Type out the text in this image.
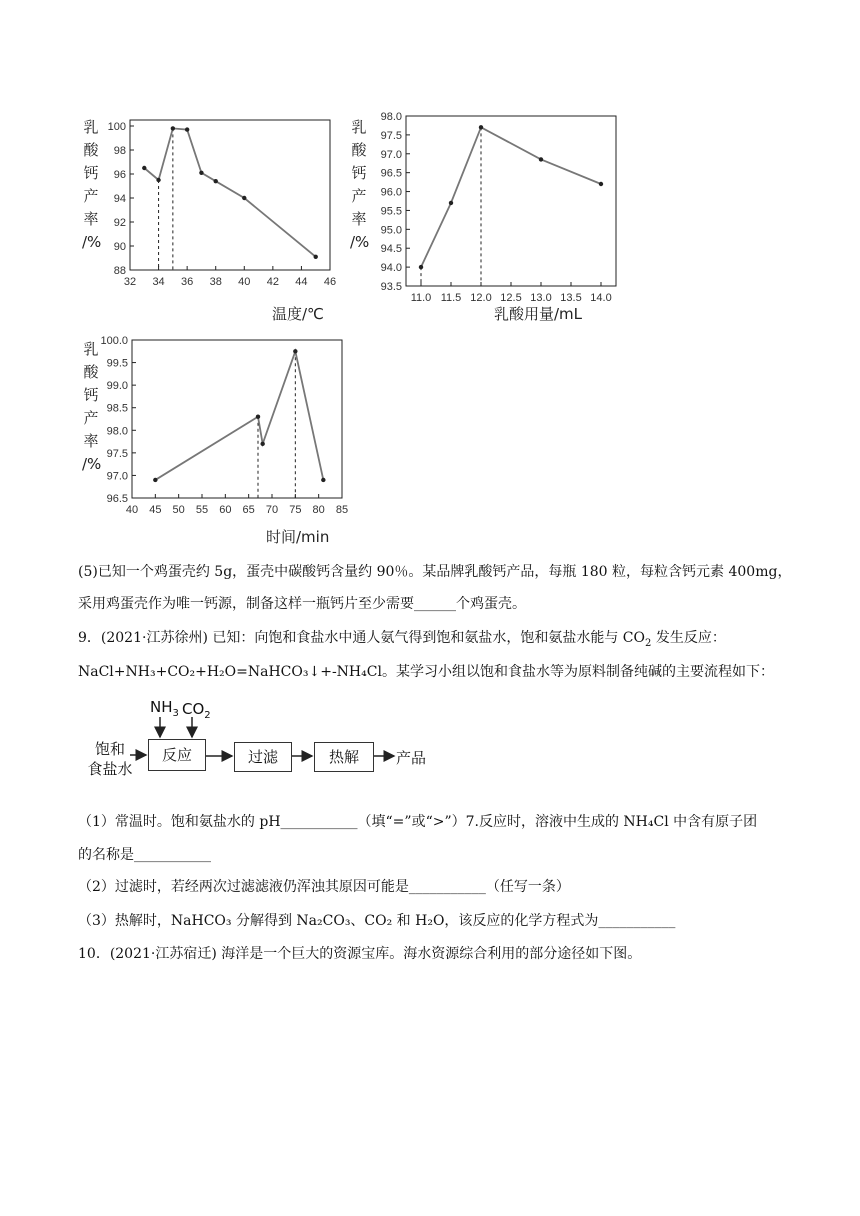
乳
酸
钙
产
率
/%
32 34 36 38 40 42 44 46
88
90
92
94
96
98
100
温度/℃
乳
酸
钙
产
率
/%
11.0 11.5 12.0 12.5 13.0 13.5 14.0
93.5
94.0
94.5
95.0
95.5
96.0
96.5
97.0
97.5
98.0
乳酸用量/mL
乳
酸
钙
产
率
/%
40 45 50 55 60 65 70 75 80 85
96.5
97.0
97.5
98.0
98.5
99.0
99.5
100.0
时间/min
(5)已知一个鸡蛋壳约 5g，蛋壳中碳酸钙含量约 90％。某品牌乳酸钙产品，每瓶 180 粒，每粒含钙元素 400mg，
采用鸡蛋壳作为唯一钙源，制备这样一瓶钙片至少需要______个鸡蛋壳。
9．(2021·江苏徐州) 已知：向饱和食盐水中通人氨气得到饱和氨盐水，饱和氨盐水能与 $CO_2$ 发生反应：
NaCl+NH₃+CO₂+H₂O=NaHCO₃↓+-NH₄Cl。某学习小组以饱和食盐水等为原料制备纯碱的主要流程如下：
饱和
食盐水
$NH_3$ $CO_2$
反应	过滤	热解	产品
（1）常温时。饱和氨盐水的 pH___________（填“=”或“>”）7.反应时，溶液中生成的 NH₄Cl 中含有原子团
的名称是___________
（2）过滤时，若经两次过滤滤液仍浑浊其原因可能是___________（任写一条）
（3）热解时，NaHCO₃ 分解得到 Na₂CO₃、CO₂ 和 H₂O，该反应的化学方程式为___________
10．(2021·江苏宿迁) 海洋是一个巨大的资源宝库。海水资源综合利用的部分途径如下图。
